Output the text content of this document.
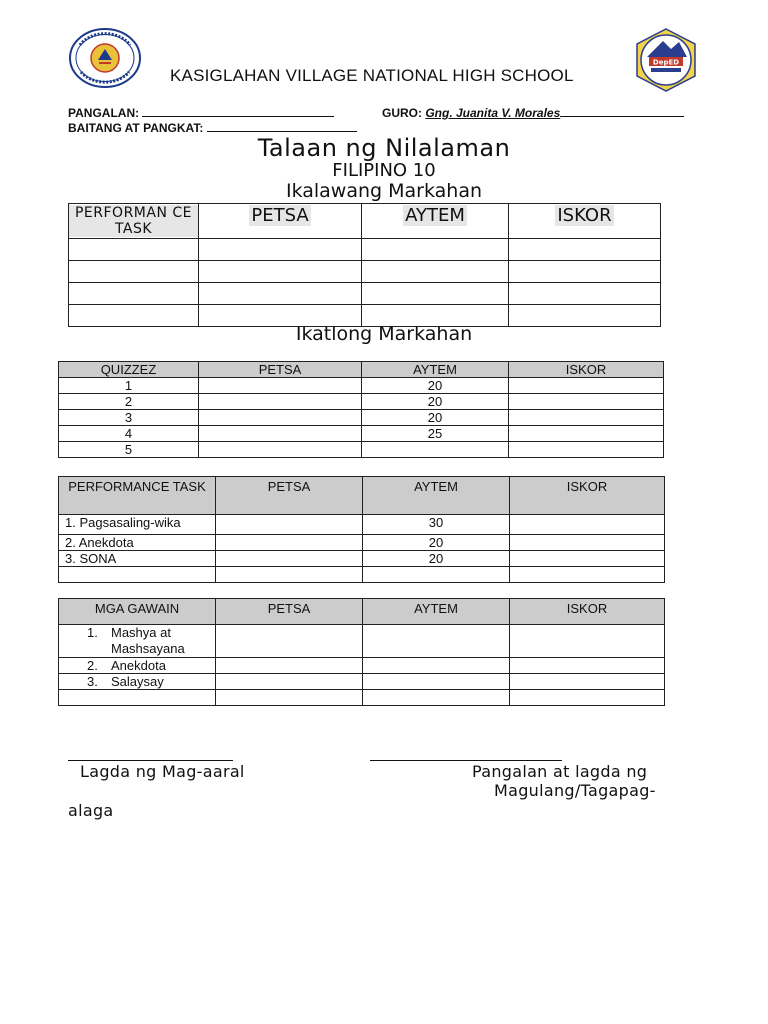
DepED
KASIGLAHAN VILLAGE NATIONAL HIGH SCHOOL
PANGALAN:	GURO: Gng. Juanita V. Morales
BAITANG AT PANGKAT:
Talaan ng Nilalaman
FILIPINO 10
Ikalawang Markahan
PERFORMAN CE TASK	PETSA	AYTEM	ISKOR

Ikatlong Markahan
QUIZZEZ	PETSA	AYTEM	ISKOR
1		20	
2		20	
3		20	
4		25	
5			
PERFORMANCE TASK	PETSA	AYTEM	ISKOR
1. Pagsasaling-wika		30	
2. Anekdota		20	
3. SONA		20	

MGA GAWAIN	PETSA	AYTEM	ISKOR

1. Mashya at Mashsayana			

2. Anekdota			

3. Salaysay			

Lagda ng Mag-aaral	Pangalan at lagda ng
Magulang/Tagapag-
alaga
